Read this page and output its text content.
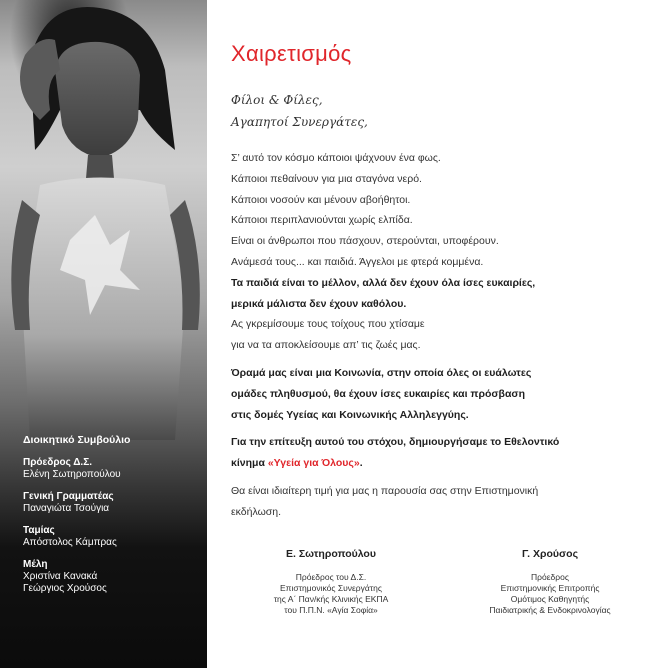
Διοικητικό Συμβούλιο
Πρόεδρος Δ.Σ.
Ελένη Σωτηροπούλου
Γενική Γραμματέας
Παναγιώτα Τσούγια
Ταμίας
Απόστολος Κάμπρας
Μέλη
Χριστίνα Κανακά
Γεώργιος Χρούσος
Χαιρετισμός
Φίλοι & Φίλες,
Αγαπητοί Συνεργάτες,
Σ’ αυτό τον κόσμο κάποιοι ψάχνουν ένα φως.
Κάποιοι πεθαίνουν για μια σταγόνα νερό.
Κάποιοι νοσούν και μένουν αβοήθητοι.
Κάποιοι περιπλανιούνται χωρίς ελπίδα.
Είναι οι άνθρωποι που πάσχουν, στερούνται, υποφέρουν.
Ανάμεσά τους... και παιδιά. Άγγελοι με φτερά κομμένα.
Τα παιδιά είναι το μέλλον, αλλά δεν έχουν όλα ίσες ευκαιρίες,
μερικά μάλιστα δεν έχουν καθόλου.
Ας γκρεμίσουμε τους τοίχους που χτίσαμε
για να τα αποκλείσουμε απ’ τις ζωές μας.
Όραμά μας είναι μια Κοινωνία, στην οποία όλες οι ευάλωτες
ομάδες πληθυσμού, θα έχουν ίσες ευκαιρίες και πρόσβαση
στις δομές Υγείας και Κοινωνικής Αλληλεγγύης.
Για την επίτευξη αυτού του στόχου, δημιουργήσαμε το Εθελοντικό
κίνημα «Υγεία για Όλους».
Θα είναι ιδιαίτερη τιμή για μας η παρουσία σας στην Επιστημονική
εκδήλωση.
Ε. Σωτηροπούλου
Πρόεδρος του Δ.Σ.
Επιστημονικός Συνεργάτης
της Α΄ Παν/κής Κλινικής ΕΚΠΑ
του Π.Π.Ν. «Αγία Σοφία»
Γ. Χρούσος
Πρόεδρος
Επιστημονικής Επιτροπής
Ομότιμος Καθηγητής
Παιδιατρικής & Ενδοκρινολογίας
